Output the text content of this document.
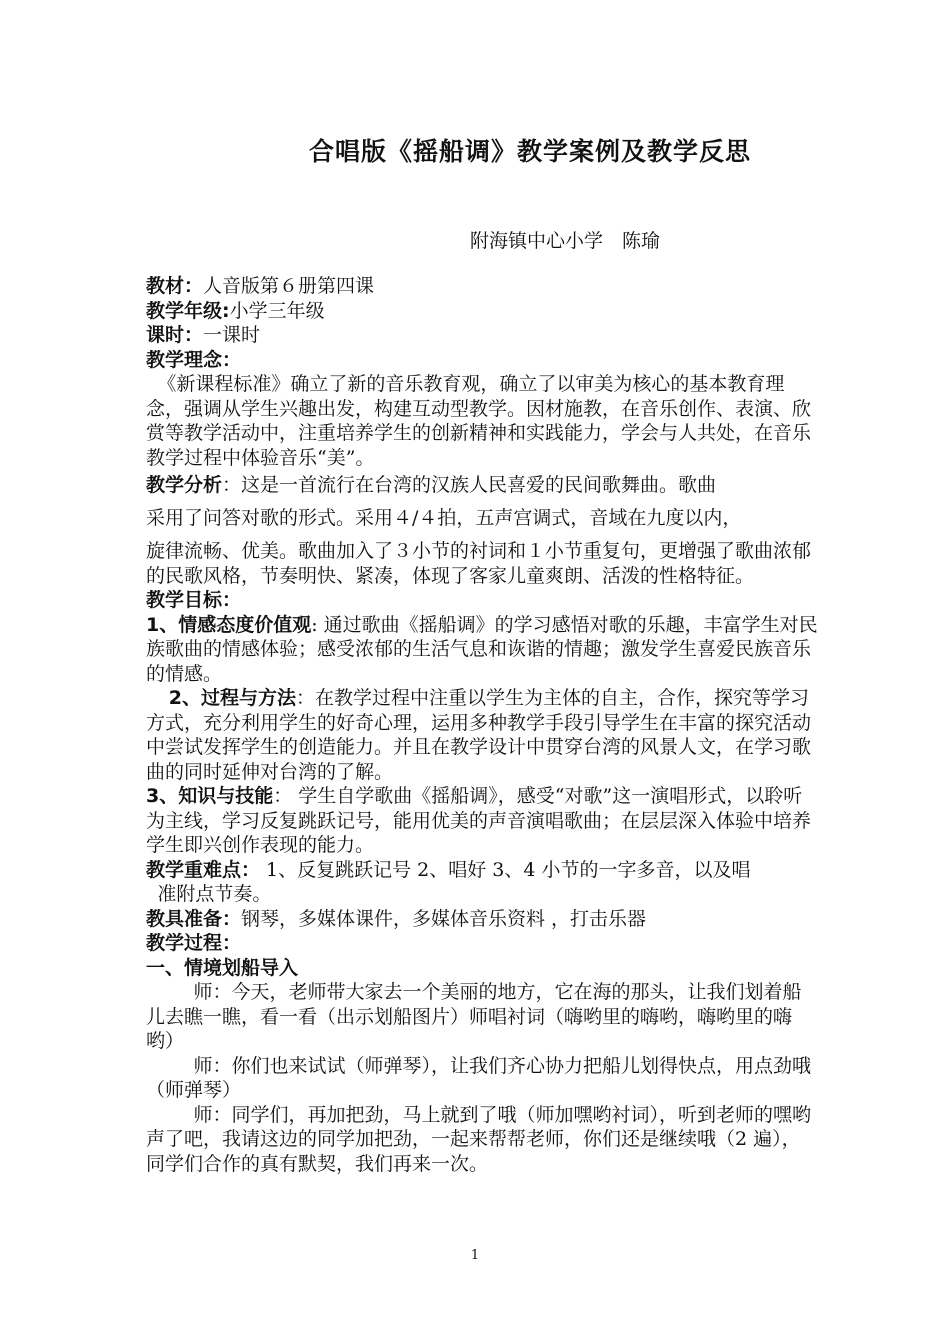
合唱版《摇船调》教学案例及教学反思
附海镇中心小学　陈瑜

教材：人音版第６册第四课

教学年级:小学三年级

课时：一课时

教学理念：

《新课程标准》确立了新的音乐教育观，确立了以审美为核心的基本教育理念，强调从学生兴趣出发，构建互动型教学。因材施教，在音乐创作、表演、欣赏等教学活动中，注重培养学生的创新精神和实践能力，学会与人共处，在音乐教学过程中体验音乐“美”。

教学分析：这是一首流行在台湾的汉族人民喜爱的民间歌舞曲。歌曲

采用了问答对歌的形式。采用４/４拍，五声宫调式，音域在九度以内，

旋律流畅、优美。歌曲加入了３小节的衬词和１小节重复句，更增强了歌曲浓郁的民歌风格，节奏明快、紧凑，体现了客家儿童爽朗、活泼的性格特征。

教学目标：

1、情感态度价值观: 通过歌曲《摇船调》的学习感悟对歌的乐趣，丰富学生对民族歌曲的情感体验；感受浓郁的生活气息和诙谐的情趣；激发学生喜爱民族音乐的情感。

2、过程与方法：在教学过程中注重以学生为主体的自主，合作，探究等学习方式，充分利用学生的好奇心理，运用多种教学手段引导学生在丰富的探究活动中尝试发挥学生的创造能力。并且在教学设计中贯穿台湾的风景人文，在学习歌曲的同时延伸对台湾的了解。

3、知识与技能： 学生自学歌曲《摇船调》，感受“对歌”这一演唱形式，以聆听为主线，学习反复跳跃记号，能用优美的声音演唱歌曲；在层层深入体验中培养学生即兴创作表现的能力。

教学重难点： 1、反复跳跃记号 2、唱好 3、4 小节的一字多音，以及唱

准附点节奏。

教具准备：钢琴，多媒体课件，多媒体音乐资料 ，打击乐器

教学过程：

一、情境划船导入

师：今天，老师带大家去一个美丽的地方，它在海的那头，让我们划着船儿去瞧一瞧，看一看（出示划船图片）师唱衬词（嗨哟里的嗨哟，嗨哟里的嗨哟）

师：你们也来试试（师弹琴），让我们齐心协力把船儿划得快点，用点劲哦（师弹琴）

师：同学们，再加把劲，马上就到了哦（师加嘿哟衬词），听到老师的嘿哟声了吧，我请这边的同学加把劲，一起来帮帮老师，你们还是继续哦（2 遍），同学们合作的真有默契，我们再来一次。

1
